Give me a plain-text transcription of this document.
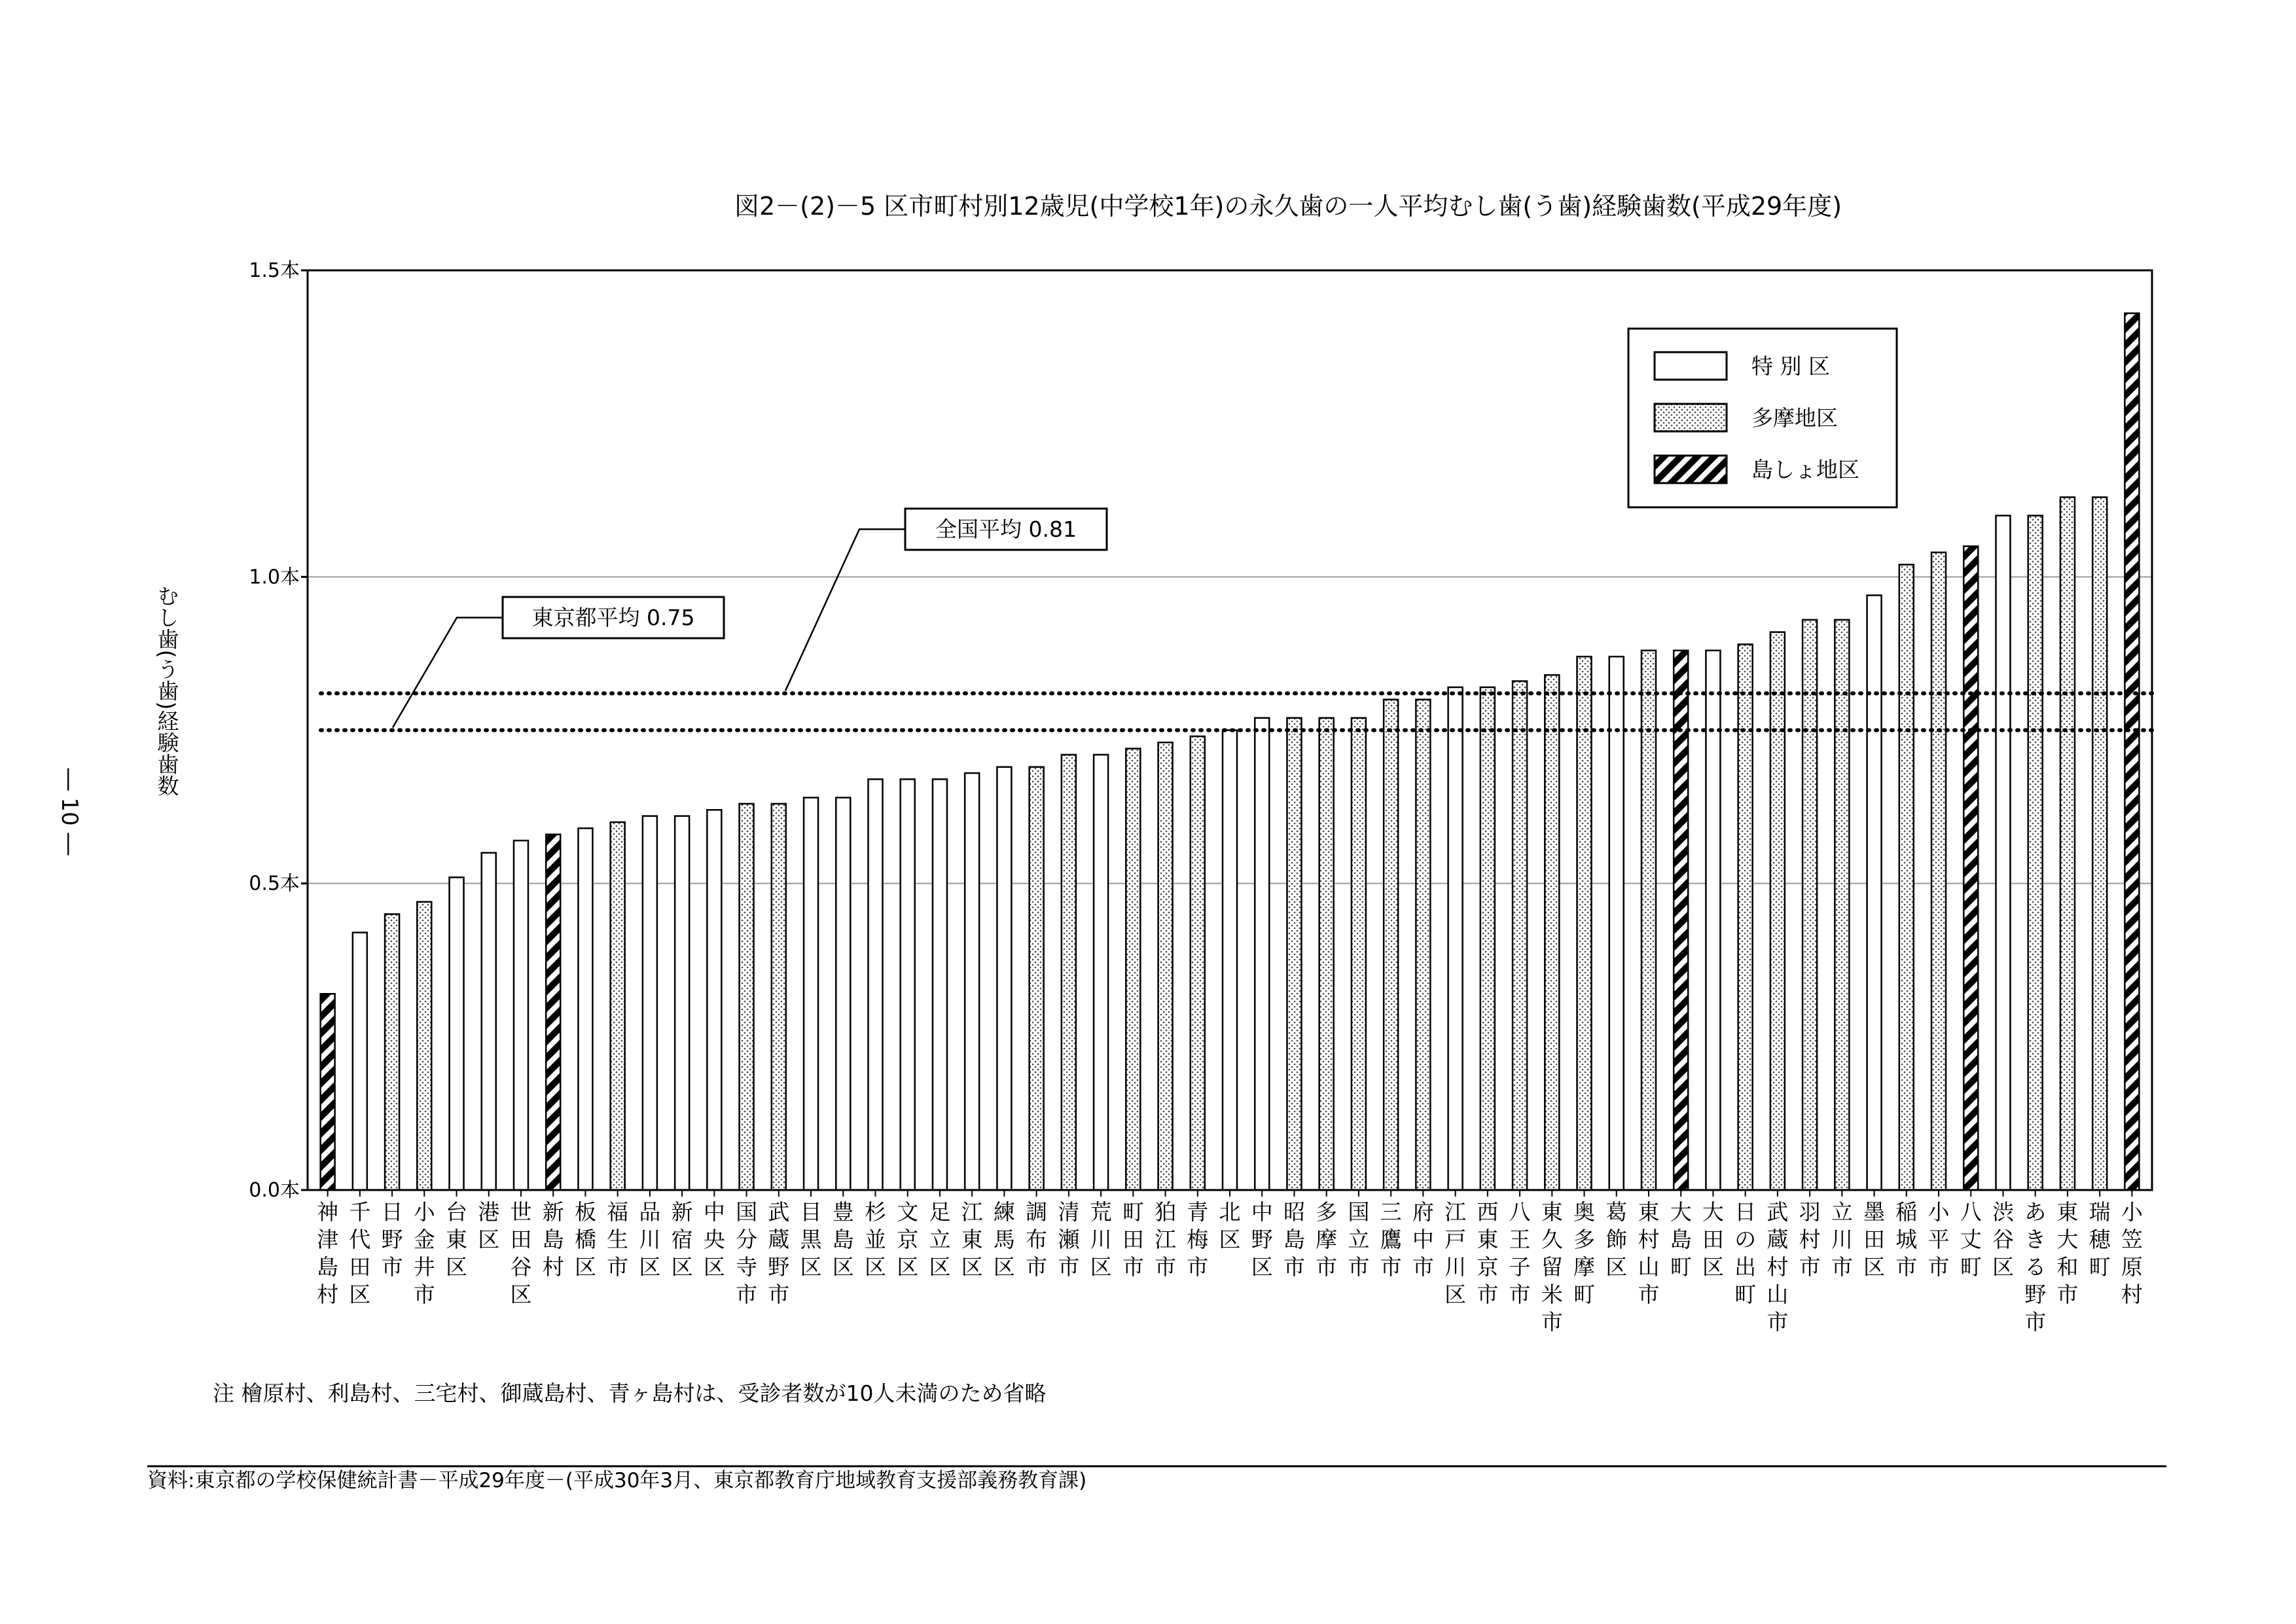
図2－(2)－5 区市町村別12歳児(中学校1年)の永久歯の一人平均むし歯(う歯)経験歯数(平成29年度)
― 10 ―
むし歯(う歯)経験歯数
0.0本
0.5本
1.0本
1.5本
東京都平均 0.75
全国平均 0.81
神津島村
千代田区
日野市
小金井市
台東区
港区
世田谷区
新島村
板橋区
福生市
品川区
新宿区
中央区
国分寺市
武蔵野市
目黒区
豊島区
杉並区
文京区
足立区
江東区
練馬区
調布市
清瀬市
荒川区
町田市
狛江市
青梅市
北区
中野区
昭島市
多摩市
国立市
三鷹市
府中市
江戸川区
西東京市
八王子市
東久留米市
奥多摩町
葛飾区
東村山市
大島町
大田区
日の出町
武蔵村山市
羽村市
立川市
墨田区
稲城市
小平市
八丈町
渋谷区
あきる野市
東大和市
瑞穂町
小笠原村
特 別 区
多摩地区
島しょ地区
注 檜原村、利島村、三宅村、御蔵島村、青ヶ島村は、受診者数が10人未満のため省略
資料:東京都の学校保健統計書－平成29年度－(平成30年3月、東京都教育庁地域教育支援部義務教育課)
